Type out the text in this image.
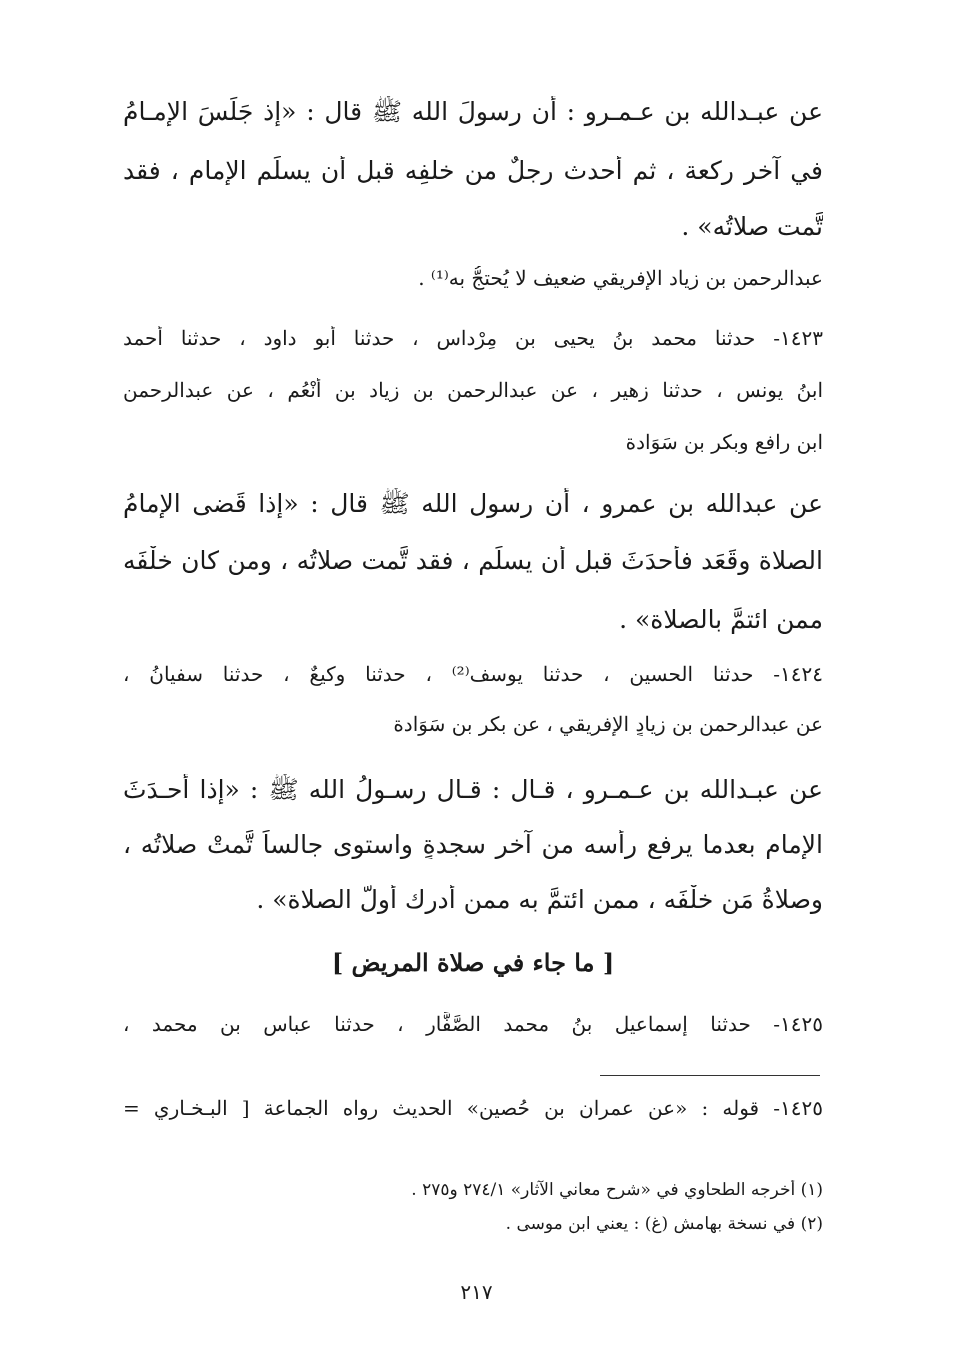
عن عبـدالله بن عـمـرو : أن رسولَ الله ﷺ قال : «إذ جَلَسَ الإمـامُ
في آخر ركعة ، ثم أحدث رجلٌ من خلفِه قبل أن يسلِّم الإمام ، فقد
تَّمت صلاتُه» .
عبدالرحمن بن زياد الإفريقي ضعيف لا يُحتجُّ به⁽¹⁾ .
١٤٢٣- حدثنا محمد بنُ يحيى بن مِرْداس ، حدثنا أبو داود ، حدثنا أحمد
ابنُ يونس ، حدثنا زهير ، عن عبدالرحمن بن زياد بن أنْعُم ، عن عبدالرحمن
ابن رافع وبكر بن سَوَادة
عن عبدالله بن عمرو ، أن رسول الله ﷺ قال : «إذا قَضى الإمامُ
الصلاة وقَعَد فأحدَثَ قبل أن يسلِّم ، فقد تَّمت صلاتُه ، ومن كان خلْفَه
ممن ائتمَّ بالصلاة» .
١٤٢٤- حدثنا الحسين ، حدثنا يوسف⁽²⁾ ، حدثنا وكيعٌ ، حدثنا سفيانُ ،
عن عبدالرحمن بن زيادٍ الإفريقي ، عن بكر بن سَوَادة
عن عبـدالله بن عـمـرو ، قـال : قـال رسـولُ الله ﷺ : «إذا أحـدَثَ
الإمام بعدما يرفع رأسه من آخر سجدةٍ واستوى جالساً تَّمتْ صلاتُه ،
وصلاةُ مَن خلْفَه ، ممن ائتمَّ به ممن أدرك أولَّ الصلاة» .
[ ما جاء في صلاة المريض ]
١٤٢٥- حدثنا إسماعيل بنُ محمد الصَّفَّار ، حدثنا عباس بن محمد ،
١٤٢٥- قوله : «عن عمران بن حُصين» الحديث رواه الجماعة [ البـخـاري =
(١) أخرجه الطحاوي في «شرح معاني الآثار» ٢٧٤/١ و٢٧٥ .
(٢) في نسخة بهامش (غ) : يعني ابن موسى .
٢١٧
